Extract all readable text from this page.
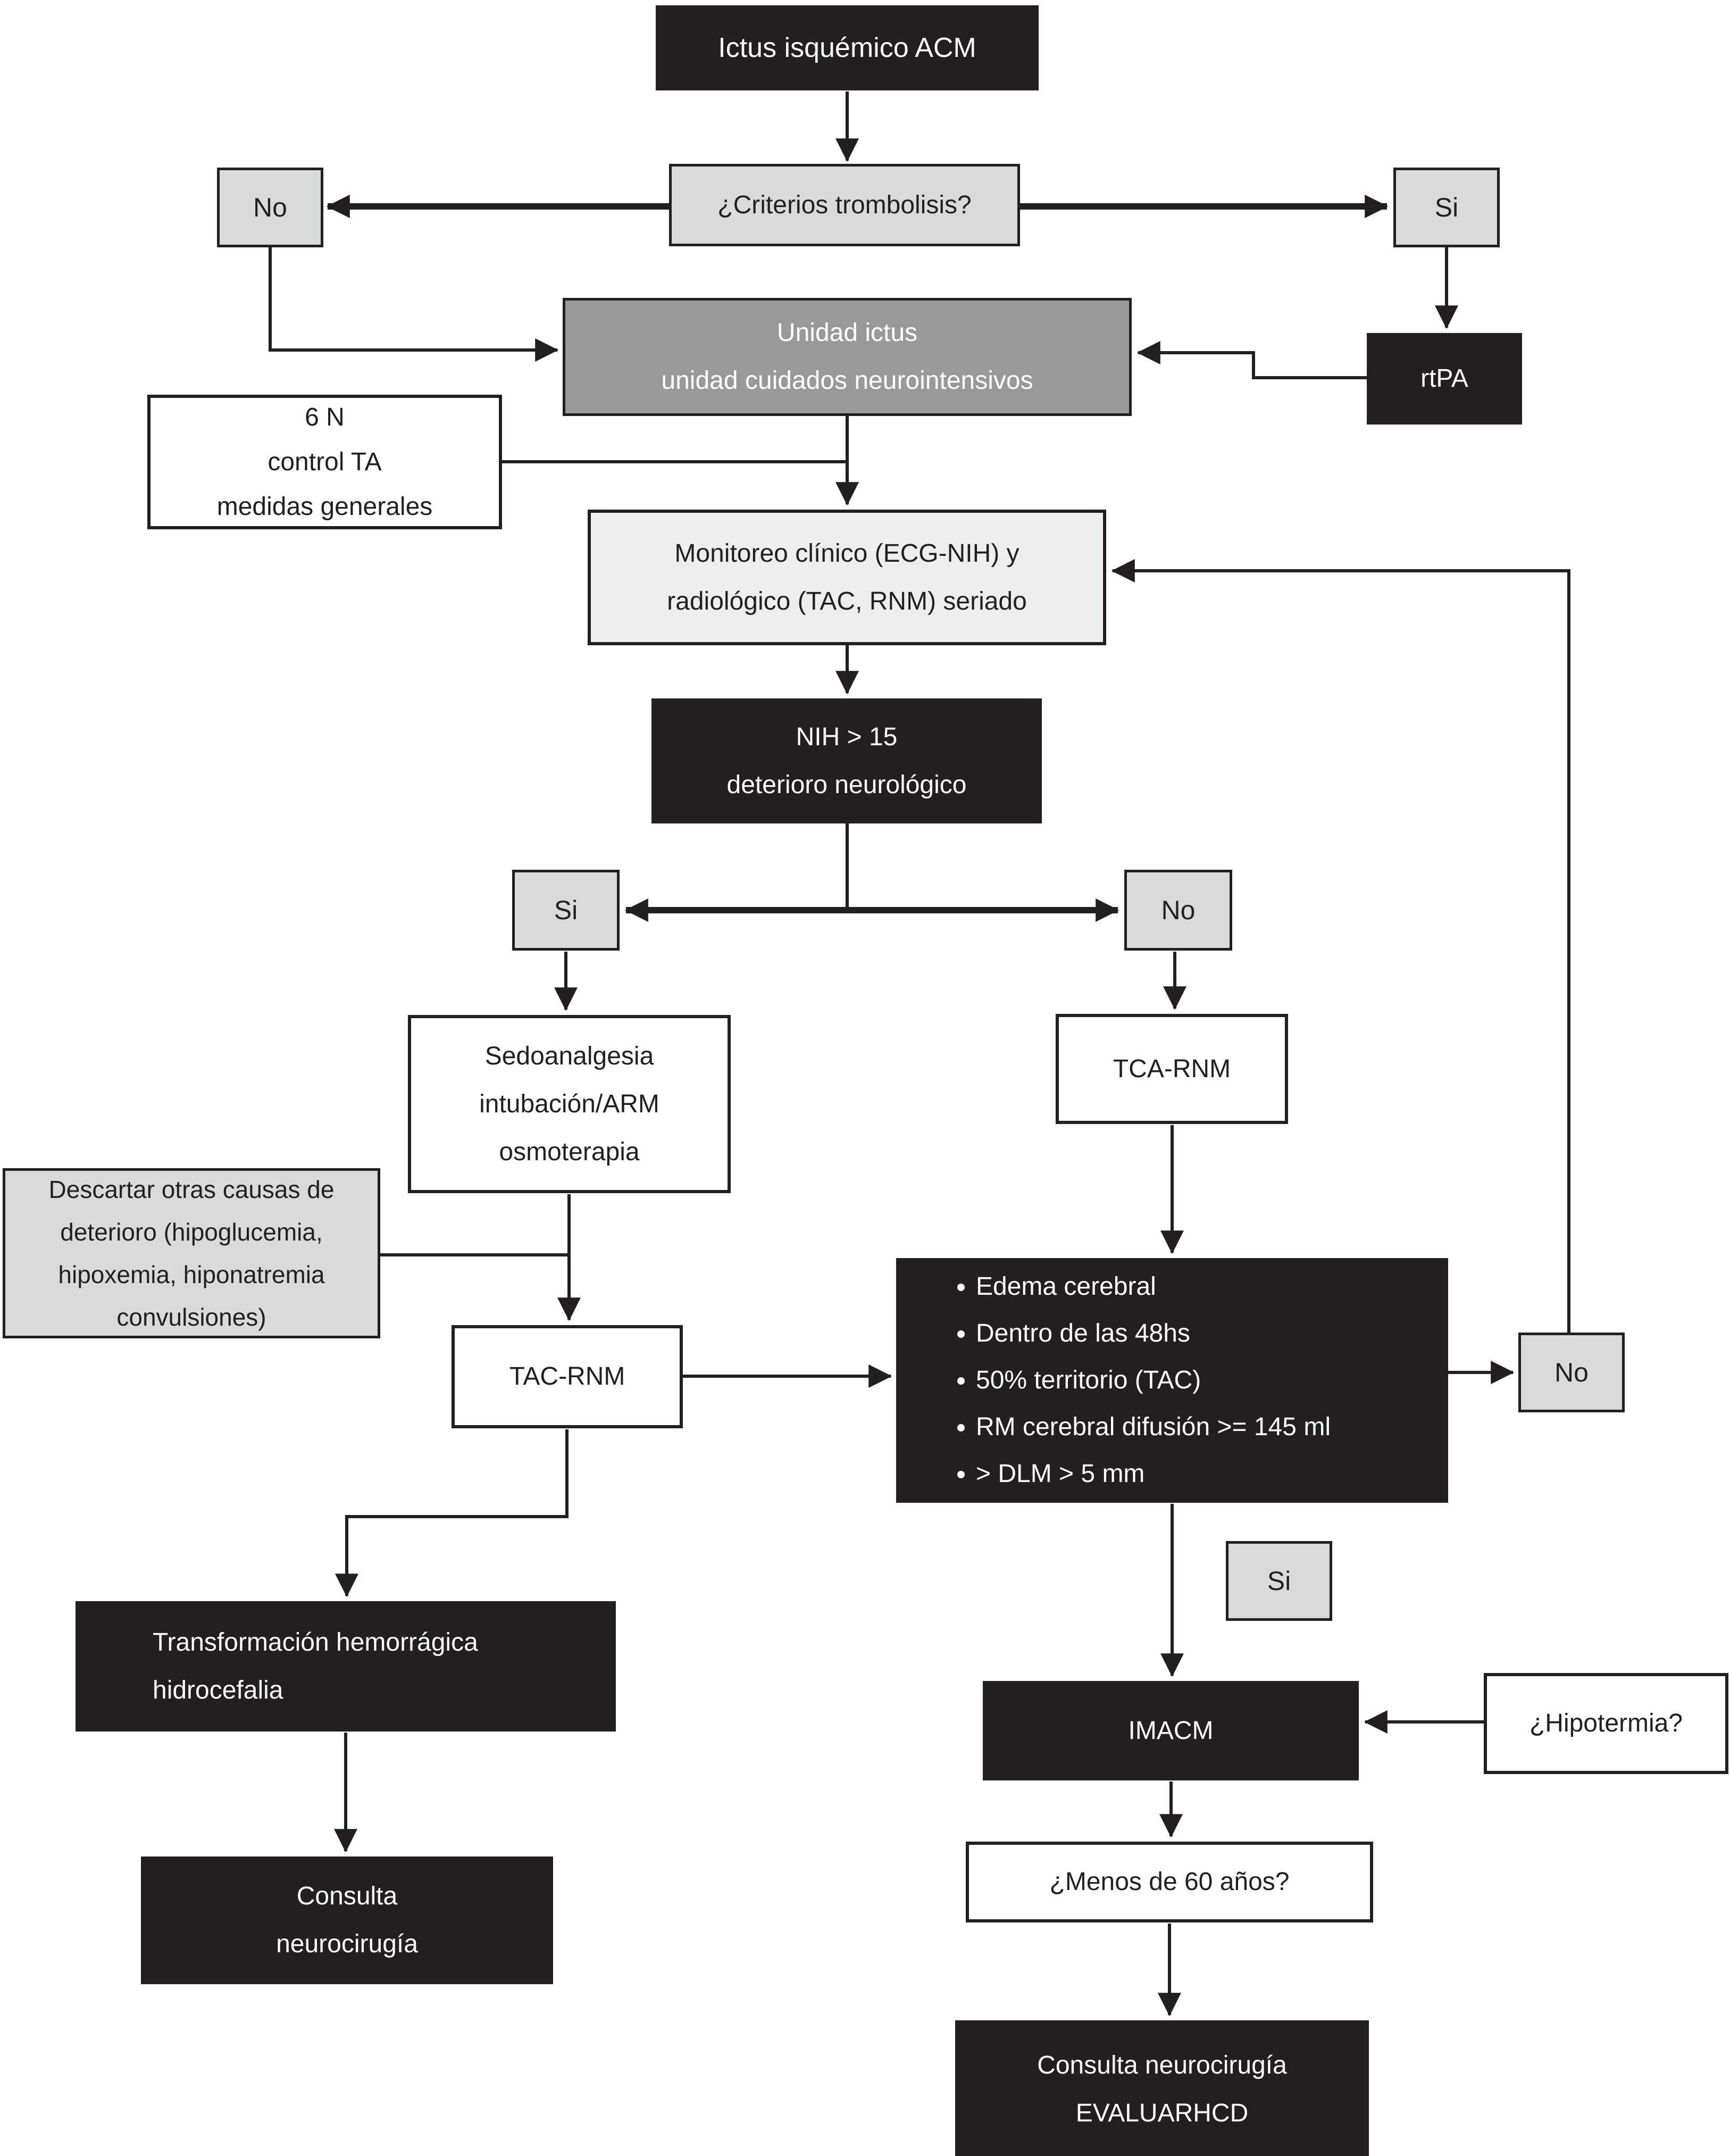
Ictus isquémico ACM
¿Criterios trombolisis?
No	Si
Unidad ictus
unidad cuidados neurointensivos	rtPA
6 N
control TA
medidas generales
Monitoreo clínico (ECG-NIH) y
radiológico (TAC, RNM) seriado
NIH > 15
deterioro neurológico
Si	No
Sedoanalgesia
intubación/ARM
osmoterapia
TCA-RNM
Descartar otras causas de
deterioro (hipoglucemia,
hipoxemia, hiponatremia
convulsiones)
TAC-RNM
• Edema cerebral
• Dentro de las 48hs
• 50% territorio (TAC)
• RM cerebral difusión >= 145 ml
• > DLM > 5 mm
No
Si
Transformación hemorrágica
hidrocefalia
IMACM	¿Hipotermia?
Consulta
neurocirugía
¿Menos de 60 años?
Consulta neurocirugía
EVALUARHCD
